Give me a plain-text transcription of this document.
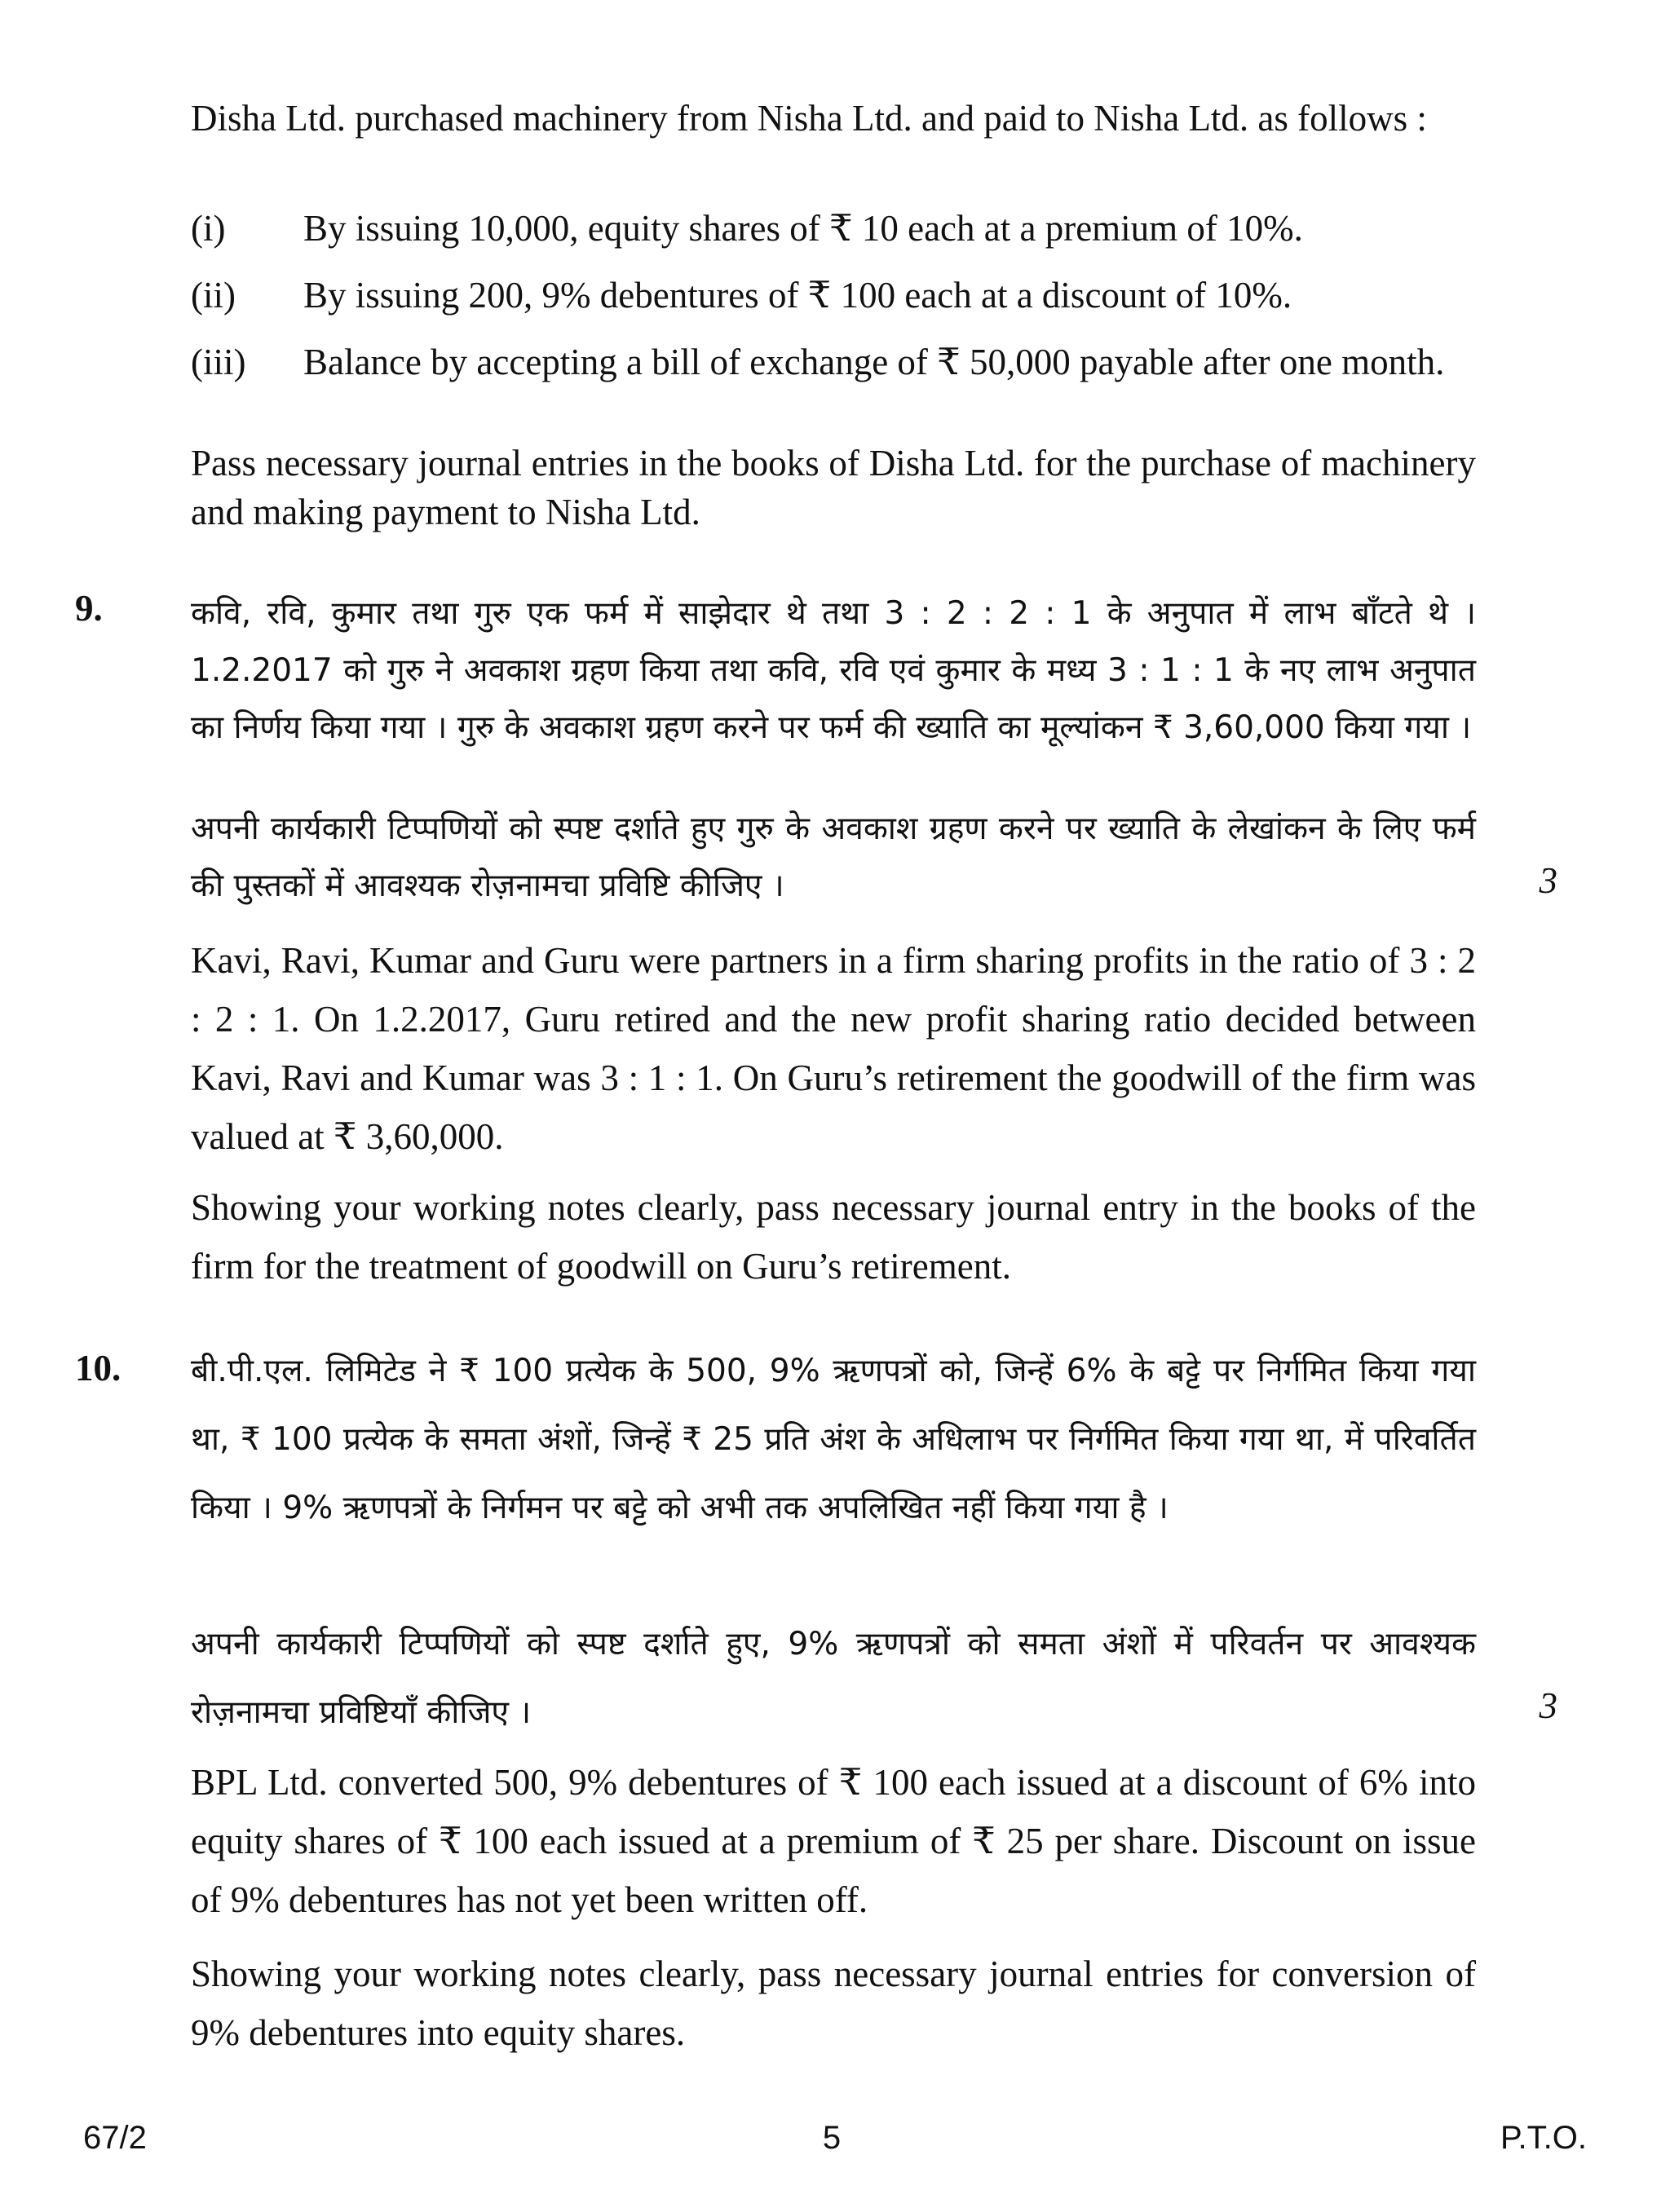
Disha Ltd. purchased machinery from Nisha Ltd. and paid to Nisha Ltd. as follows :

(i) By issuing 10,000, equity shares of ₹ 10 each at a premium of 10%.
(ii) By issuing 200, 9% debentures of ₹ 100 each at a discount of 10%.
(iii) Balance by accepting a bill of exchange of ₹ 50,000 payable after one month.

Pass necessary journal entries in the books of Disha Ltd. for the purchase of machinery and making payment to Nisha Ltd.

9.	कवि, रवि, कुमार तथा गुरु एक फर्म में साझेदार थे तथा 3 : 2 : 2 : 1 के अनुपात में लाभ बाँटते थे । 1.2.2017 को गुरु ने अवकाश ग्रहण किया तथा कवि, रवि एवं कुमार के मध्य 3 : 1 : 1 के नए लाभ अनुपात का निर्णय किया गया । गुरु के अवकाश ग्रहण करने पर फर्म की ख्याति का मूल्यांकन ₹ 3,60,000 किया गया ।

अपनी कार्यकारी टिप्पणियों को स्पष्ट दर्शाते हुए गुरु के अवकाश ग्रहण करने पर ख्याति के लेखांकन के लिए फर्म की पुस्तकों में आवश्यक रोज़नामचा प्रविष्टि कीजिए ।	3

Kavi, Ravi, Kumar and Guru were partners in a firm sharing profits in the ratio of 3 : 2 : 2 : 1. On 1.2.2017, Guru retired and the new profit sharing ratio decided between Kavi, Ravi and Kumar was 3 : 1 : 1. On Guru’s retirement the goodwill of the firm was valued at ₹ 3,60,000.

Showing your working notes clearly, pass necessary journal entry in the books of the firm for the treatment of goodwill on Guru’s retirement.

10. बी.पी.एल. लिमिटेड ने ₹ 100 प्रत्येक के 500, 9% ऋणपत्रों को, जिन्हें 6% के बट्टे पर निर्गमित किया गया था, ₹ 100 प्रत्येक के समता अंशों, जिन्हें ₹ 25 प्रति अंश के अधिलाभ पर निर्गमित किया गया था, में परिवर्तित किया । 9% ऋणपत्रों के निर्गमन पर बट्टे को अभी तक अपलिखित नहीं किया गया है ।

अपनी कार्यकारी टिप्पणियों को स्पष्ट दर्शाते हुए, 9% ऋणपत्रों को समता अंशों में परिवर्तन पर आवश्यक रोज़नामचा प्रविष्टियाँ कीजिए ।	3

BPL Ltd. converted 500, 9% debentures of ₹ 100 each issued at a discount of 6% into equity shares of ₹ 100 each issued at a premium of ₹ 25 per share. Discount on issue of 9% debentures has not yet been written off.

Showing your working notes clearly, pass necessary journal entries for conversion of 9% debentures into equity shares.

67/2	5	P.T.O.
